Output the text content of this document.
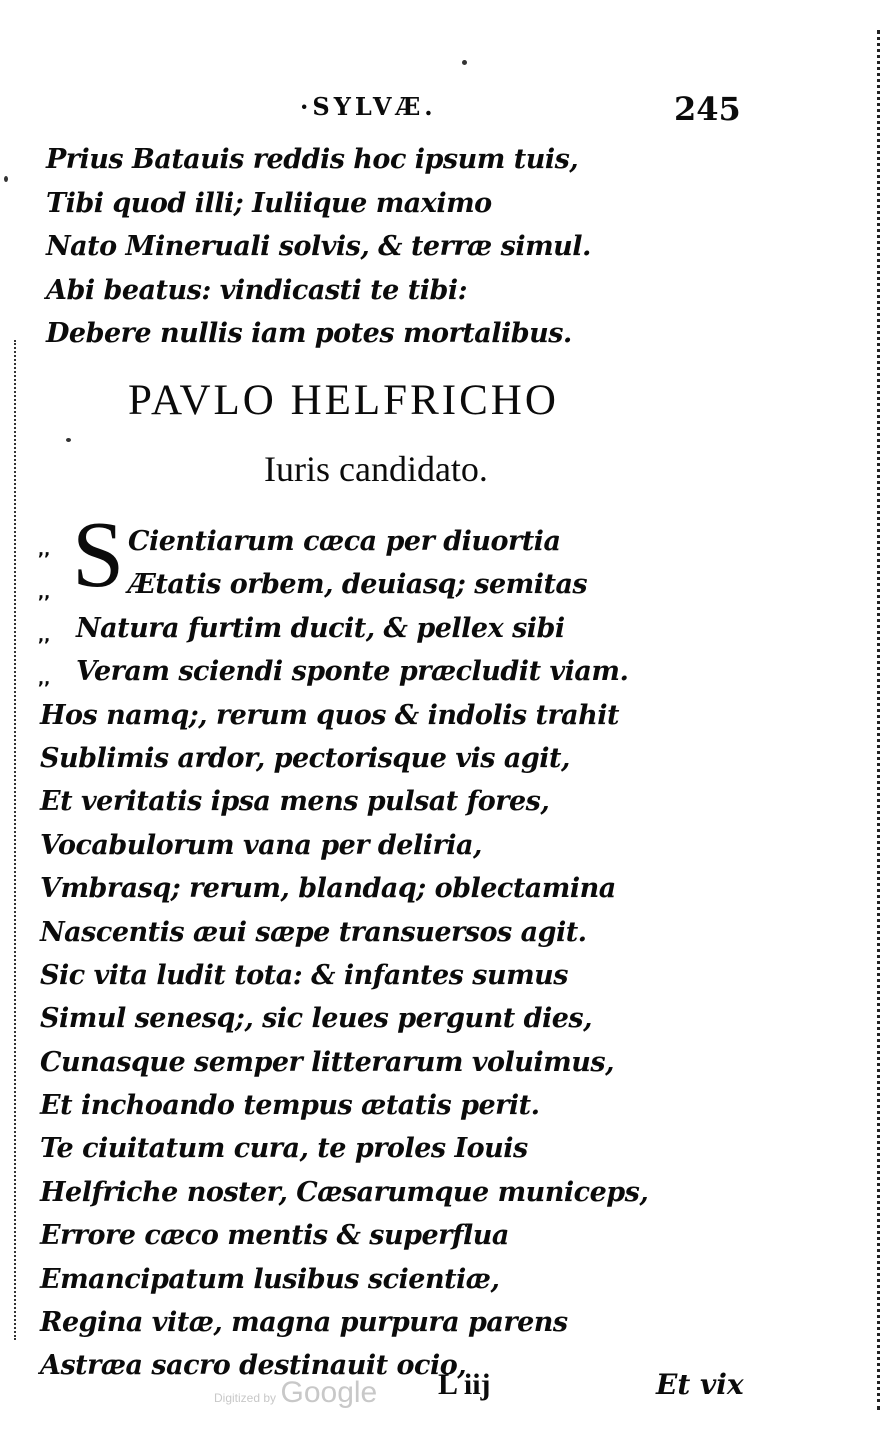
·SYLVÆ.	245
Prius Batauis reddis hoc ipsum tuis,
Tibi quod illi; Iuliique maximo
Nato Mineruali solvis, & terræ simul.
Abi beatus: vindicasti te tibi:
Debere nullis iam potes mortalibus.
PAVLO HELFRICHO
Iuris candidato.
,,
,,
,,
,,
S Cientiarum cæca per diuortia
Ætatis orbem, deuiasq; semitas
Natura furtim ducit, & pellex sibi
Veram sciendi sponte præcludit viam.
Hos namq;, rerum quos & indolis trahit
Sublimis ardor, pectorisque vis agit,
Et veritatis ipsa mens pulsat fores,
Vocabulorum vana per deliria,
Vmbrasq; rerum, blandaq; oblectamina
Nascentis æui sæpe transuersos agit.
Sic vita ludit tota: & infantes sumus
Simul senesq;, sic leues pergunt dies,
Cunasque semper litterarum voluimus,
Et inchoando tempus ætatis perit.
Te ciuitatum cura, te proles Iouis
Helfriche noster, Cæsarumque municeps,
Errore cæco mentis & superflua
Emancipatum lusibus scientiæ,
Regina vitæ, magna purpura parens
Astræa sacro destinauit ocio,
Digitized by Google L iij	Et vix
